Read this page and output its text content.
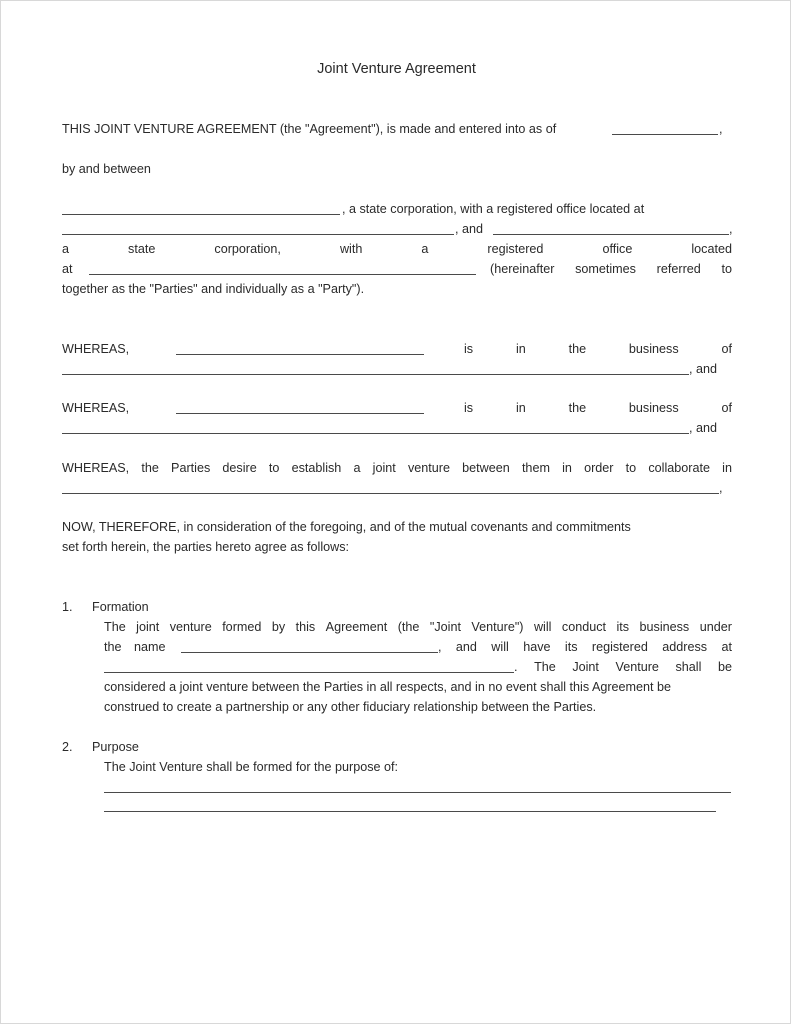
Joint Venture Agreement
THIS JOINT VENTURE AGREEMENT (the "Agreement"), is made and entered into as of	,
by and between
, a state corporation, with a registered office located at
, and	,
a	state	corporation,	with	a	registered	office	located
at	(hereinafter sometimes referred to
together as the "Parties" and individually as a "Party").
WHEREAS,	is	in	the	business	of
, and
WHEREAS,	is	in	the	business	of
, and
WHEREAS, the Parties desire to establish a joint venture between them in order to collaborate in
,
NOW, THEREFORE, in consideration of the foregoing, and of the mutual covenants and commitments
set forth herein, the parties hereto agree as follows:
1. Formation
The joint venture formed by this Agreement (the "Joint Venture") will conduct its business under
the name	, and will have its registered address at
. The Joint Venture shall be
considered a joint venture between the Parties in all respects, and in no event shall this Agreement be
construed to create a partnership or any other fiduciary relationship between the Parties.
2. Purpose
The Joint Venture shall be formed for the purpose of:
